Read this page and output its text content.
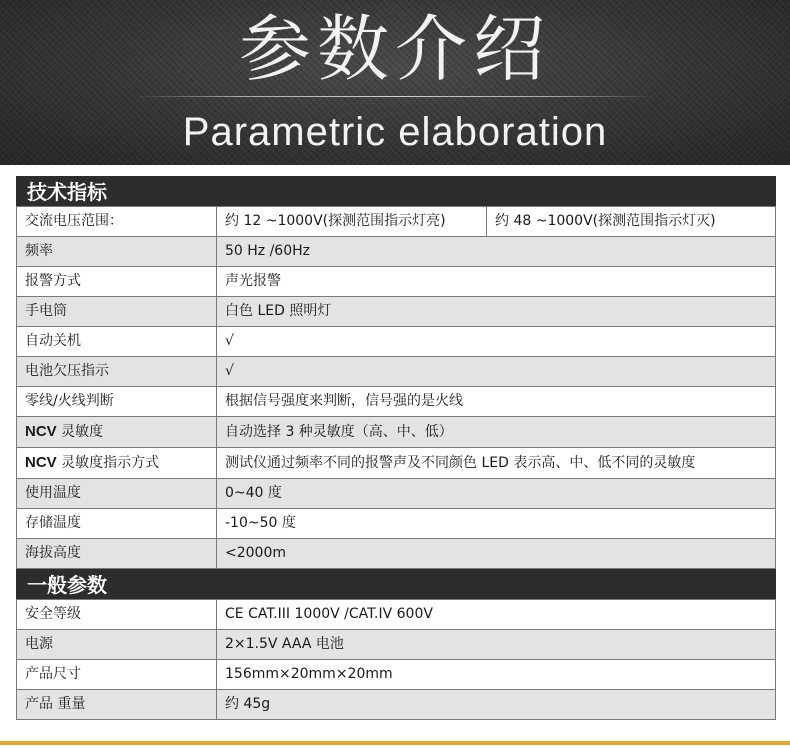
参数介绍
Parametric elaboration
技术指标
交流电压范围：	约 12 ~1000V(探测范围指示灯亮)	约 48 ~1000V(探测范围指示灯灭)
频率	50 Hz /60Hz	
报警方式	声光报警	
手电筒	白色 LED 照明灯	
自动关机	√	
电池欠压指示	√	
零线/火线判断	根据信号强度来判断，信号强的是火线	
NCV 灵敏度	自动选择 3 种灵敏度（高、中、低）	
NCV 灵敏度指示方式	测试仪通过频率不同的报警声及不同颜色 LED 表示高、中、低不同的灵敏度	
使用温度	0~40 度	
存储温度	-10~50 度	
海拔高度	<2000m	
一般参数
安全等级	CE CAT.III 1000V /CAT.IV 600V
电源	2×1.5V AAA 电池
产品尺寸	156mm×20mm×20mm
产品 重量	约 45g
